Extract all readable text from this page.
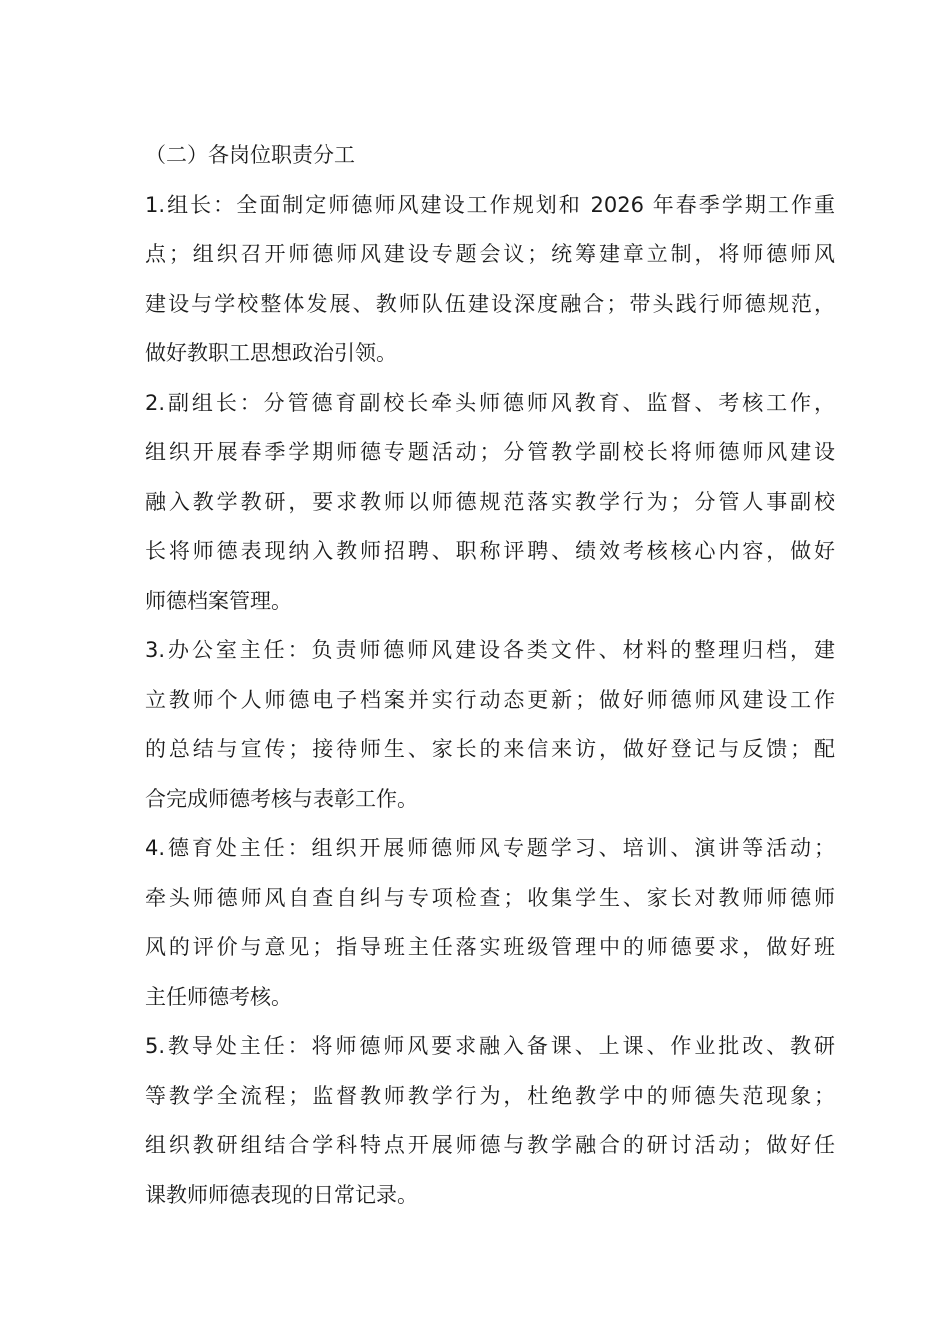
（二）各岗位职责分工
1.组长：全面制定师德师风建设工作规划和 2026 年春季学期工作重
点；组织召开师德师风建设专题会议；统筹建章立制，将师德师风
建设与学校整体发展、教师队伍建设深度融合；带头践行师德规范，
做好教职工思想政治引领。
2.副组长：分管德育副校长牵头师德师风教育、监督、考核工作，
组织开展春季学期师德专题活动；分管教学副校长将师德师风建设
融入教学教研，要求教师以师德规范落实教学行为；分管人事副校
长将师德表现纳入教师招聘、职称评聘、绩效考核核心内容，做好
师德档案管理。
3.办公室主任：负责师德师风建设各类文件、材料的整理归档，建
立教师个人师德电子档案并实行动态更新；做好师德师风建设工作
的总结与宣传；接待师生、家长的来信来访，做好登记与反馈；配
合完成师德考核与表彰工作。
4.德育处主任：组织开展师德师风专题学习、培训、演讲等活动；
牵头师德师风自查自纠与专项检查；收集学生、家长对教师师德师
风的评价与意见；指导班主任落实班级管理中的师德要求，做好班
主任师德考核。
5.教导处主任：将师德师风要求融入备课、上课、作业批改、教研
等教学全流程；监督教师教学行为，杜绝教学中的师德失范现象；
组织教研组结合学科特点开展师德与教学融合的研讨活动；做好任
课教师师德表现的日常记录。
